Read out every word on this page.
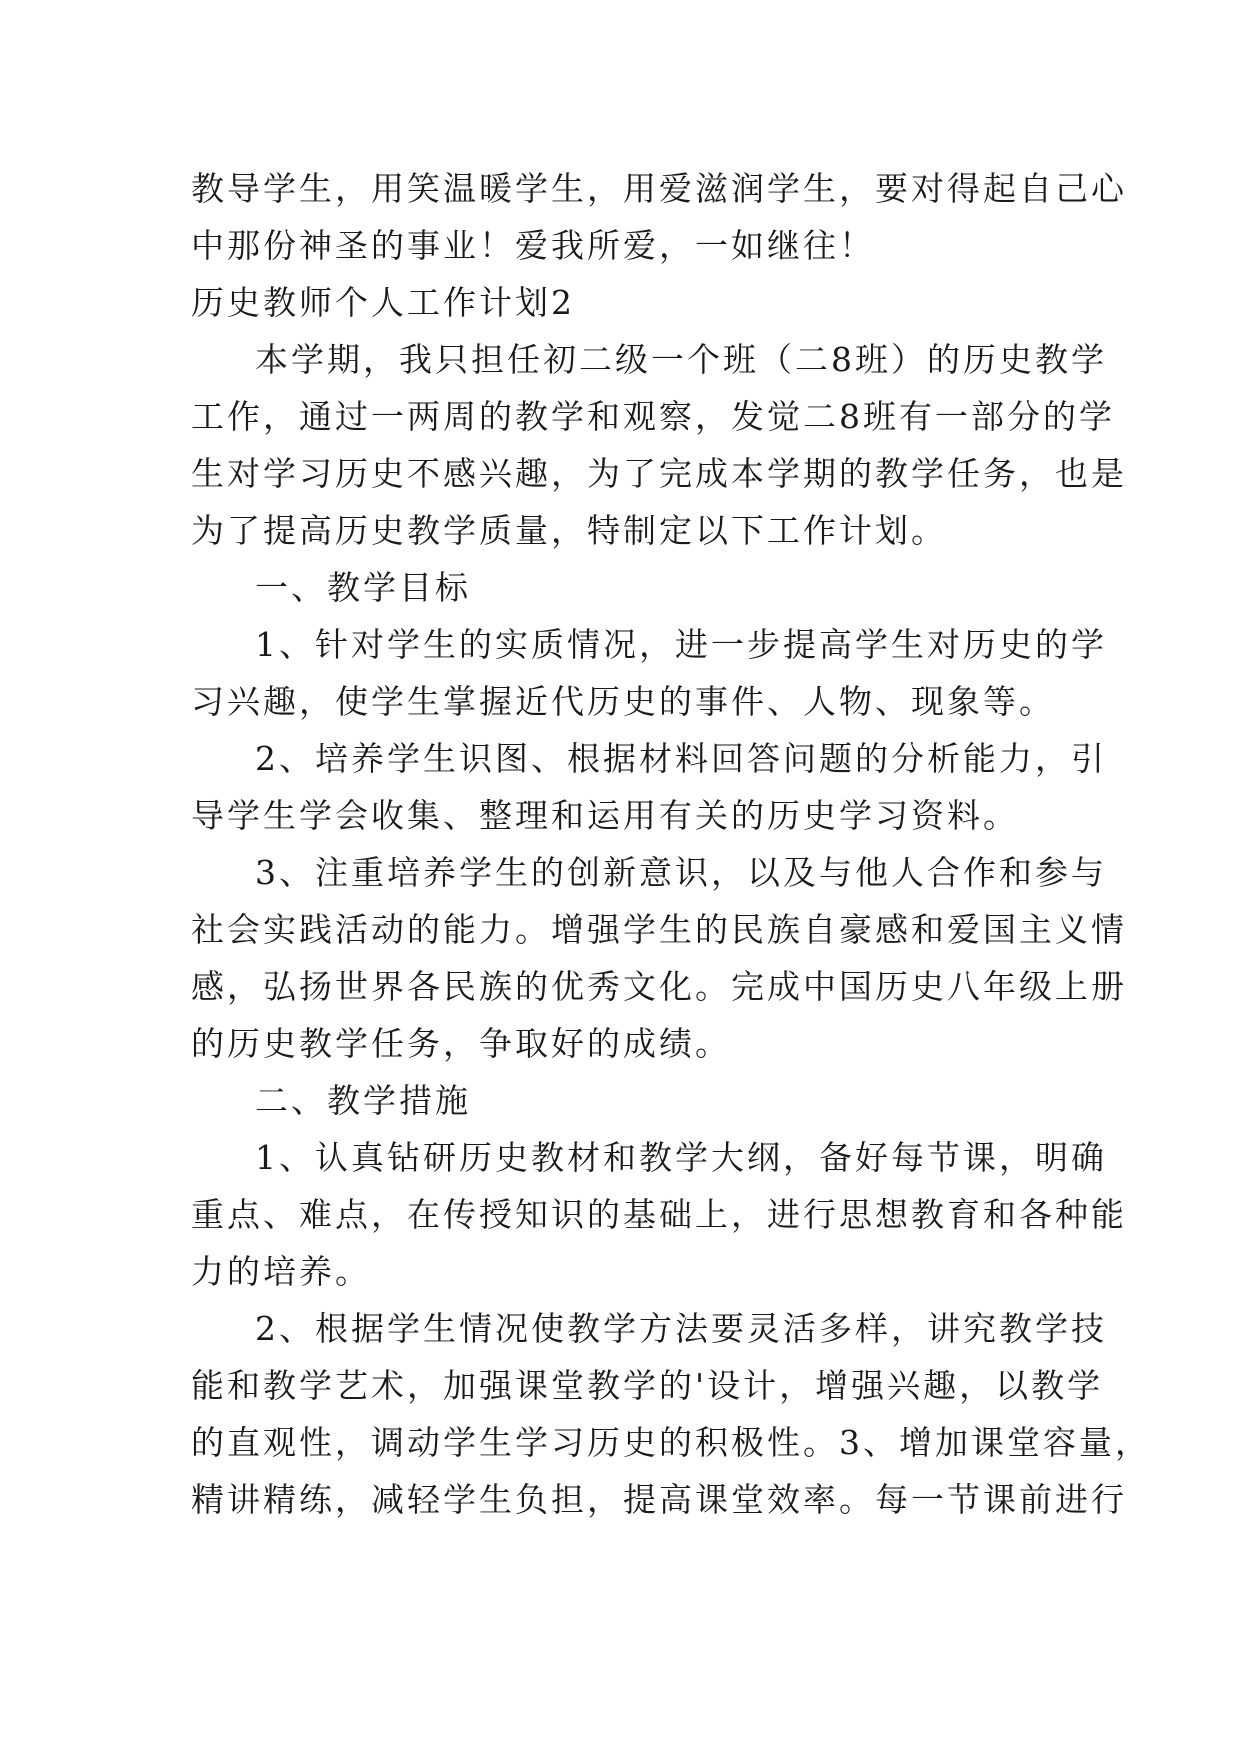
教导学生，用笑温暖学生，用爱滋润学生，要对得起自己心
中那份神圣的事业！爱我所爱，一如继往！
历史教师个人工作计划2
本学期，我只担任初二级一个班（二8班）的历史教学
工作，通过一两周的教学和观察，发觉二8班有一部分的学
生对学习历史不感兴趣，为了完成本学期的教学任务，也是
为了提高历史教学质量，特制定以下工作计划。
一、教学目标
1、针对学生的实质情况，进一步提高学生对历史的学
习兴趣，使学生掌握近代历史的事件、人物、现象等。
2、培养学生识图、根据材料回答问题的分析能力，引
导学生学会收集、整理和运用有关的历史学习资料。
3、注重培养学生的创新意识，以及与他人合作和参与
社会实践活动的能力。增强学生的民族自豪感和爱国主义情
感，弘扬世界各民族的优秀文化。完成中国历史八年级上册
的历史教学任务，争取好的成绩。
二、教学措施
1、认真钻研历史教材和教学大纲，备好每节课，明确
重点、难点，在传授知识的基础上，进行思想教育和各种能
力的培养。
2、根据学生情况使教学方法要灵活多样，讲究教学技
能和教学艺术，加强课堂教学的'设计，增强兴趣，以教学
的直观性，调动学生学习历史的积极性。3、增加课堂容量，
精讲精练，减轻学生负担，提高课堂效率。每一节课前进行
